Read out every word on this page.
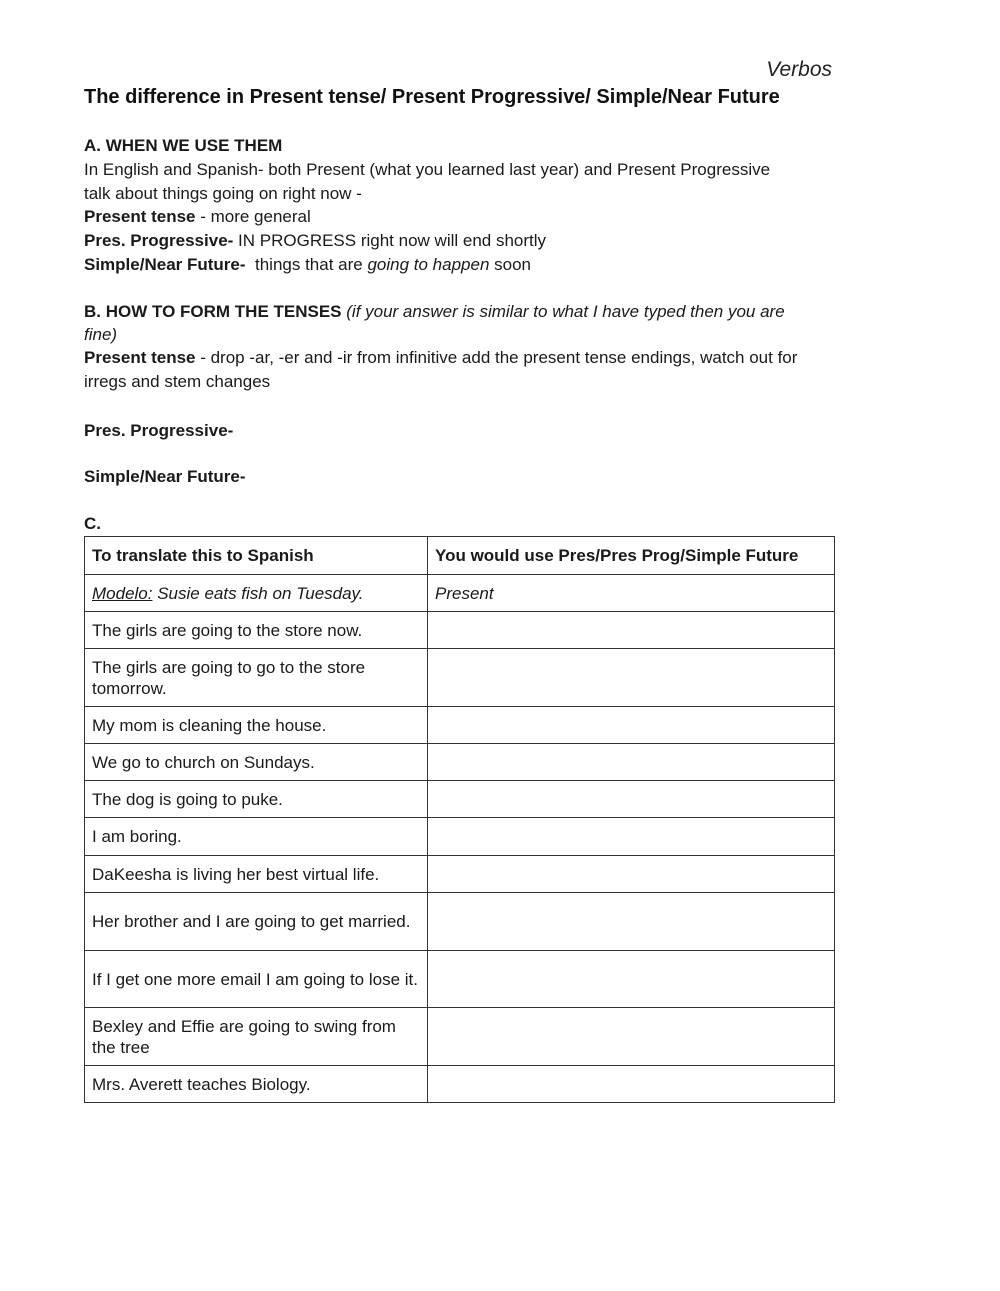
Verbos
The difference in Present tense/ Present Progressive/ Simple/Near Future
A. WHEN WE USE THEM
In English and Spanish- both Present (what you learned last year) and Present Progressive
talk about things going on right now -
Present tense - more general
Pres. Progressive- IN PROGRESS right now will end shortly
Simple/Near Future-  things that are going to happen soon
B. HOW TO FORM THE TENSES (if your answer is similar to what I have typed then you are
fine)
Present tense - drop -ar, -er and -ir from infinitive add the present tense endings, watch out for
irregs and stem changes
Pres. Progressive-
Simple/Near Future-
C.
To translate this to Spanish	You would use Pres/Pres Prog/Simple Future
Modelo: Susie eats fish on Tuesday.	Present
The girls are going to the store now.	
The girls are going to go to the store tomorrow.	
My mom is cleaning the house.	
We go to church on Sundays.	
The dog is going to puke.	
I am boring.	
DaKeesha is living her best virtual life.	
Her brother and I are going to get married.	
If I get one more email I am going to lose it.	
Bexley and Effie are going to swing from the tree	
Mrs. Averett teaches Biology.	
